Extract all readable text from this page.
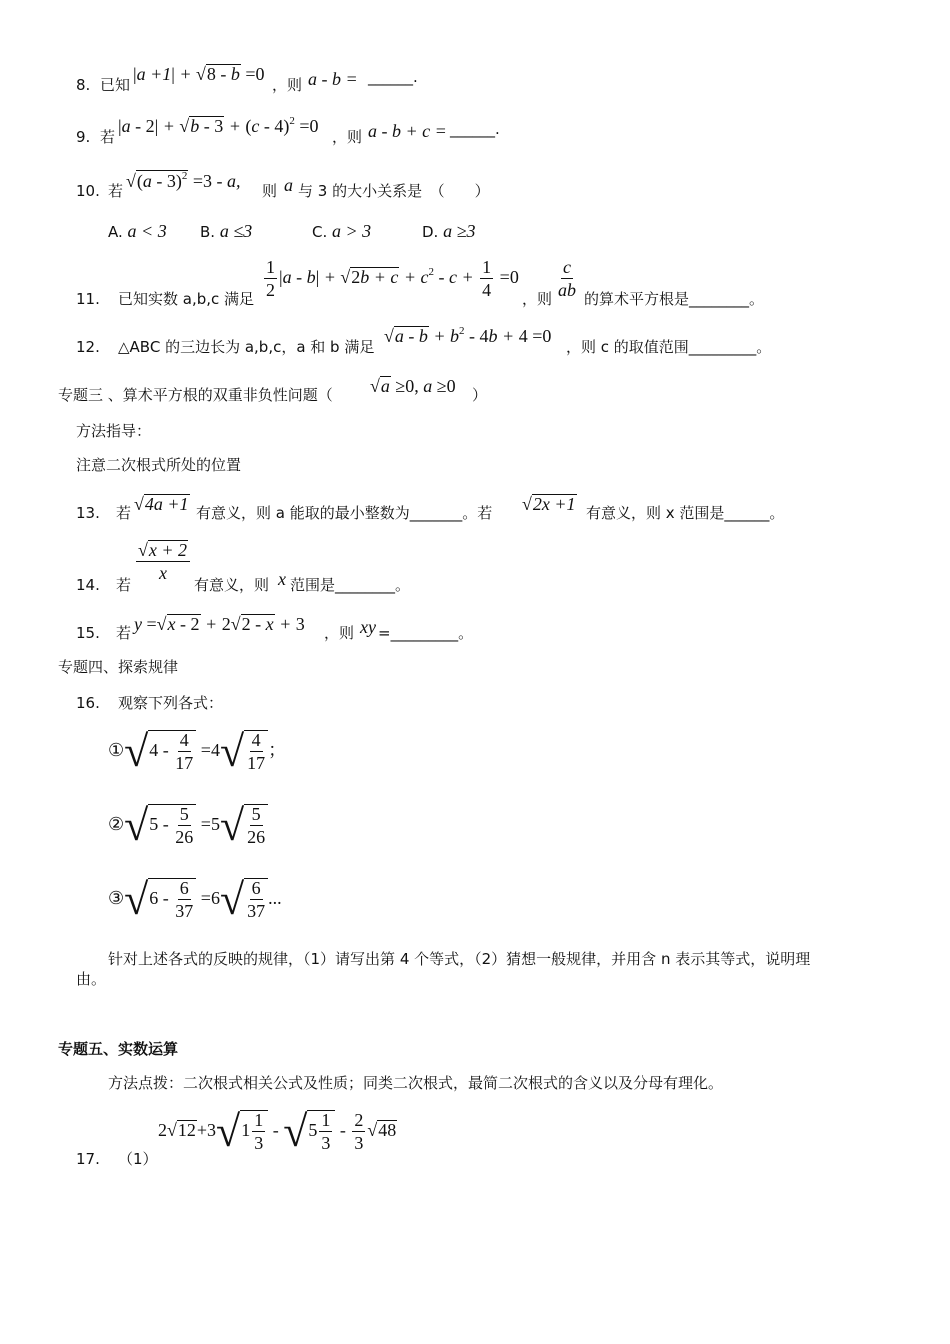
8. 已知
|a +1| + √8 - b =0
，则 a - b = ______.
9. 若
|a - 2| + √b - 3 + (c - 4)$^2$ =0
，则 a - b + c = ______.
10. 若 √(a - 3)$^2$ =3 - a, 则 a 与 3 的大小关系是　（　　）
A. a < 3 B. a ≤3	C. a > 3	D. a ≥3
11. 已知实数 a,b,c 满足 $\frac{1}{2} |a - b| + √2b + c + c^2 - c + \frac{1}{4} =0$
，则 $\frac{c}{ab}$ 的算术平方根是________。
12. △ABC 的三边长为 a,b,c，a 和 b 满足
$√a - b + b^2 - 4b + 4 =0$
，则 c 的取值范围_________。
专题三 、算术平方根的双重非负性问题（ √a ≥0, a ≥0 ）
方法指导：
注意二次根式所处的位置
13. 若 √4a +1 有意义，则 a 能取的最小整数为_______。若 √2x +1 有意义，则 x 范围是______。
14. 若
$\frac{√x + 2}{x}$
有意义，则 x 范围是________。
15. 若 y =√x - 2 + 2√2 - x + 3 ，则 xy =_________。
专题四、探索规律
16. 观察下列各式：
①√4 - $\frac{4}{17} =4√ \frac{4}{17}$ ；
②√5 - $\frac{5}{26} =5√ \frac{5}{26}$
③√6 - $\frac{6}{37} =6√ \frac{6}{37}$ ...
针对上述各式的反映的规律，（1）请写出第 4 个等式，（2）猜想一般规律，并用含 n 表示其等式，说明理
由。
专题五、实数运算
方法点拨：二次根式相关公式及性质；同类二次根式，最简二次根式的含义以及分母有理化。
17. （1）
$2√12+3√1 \frac{1}{3} - √5 \frac{1}{3} - \frac{2}{3} √48$
